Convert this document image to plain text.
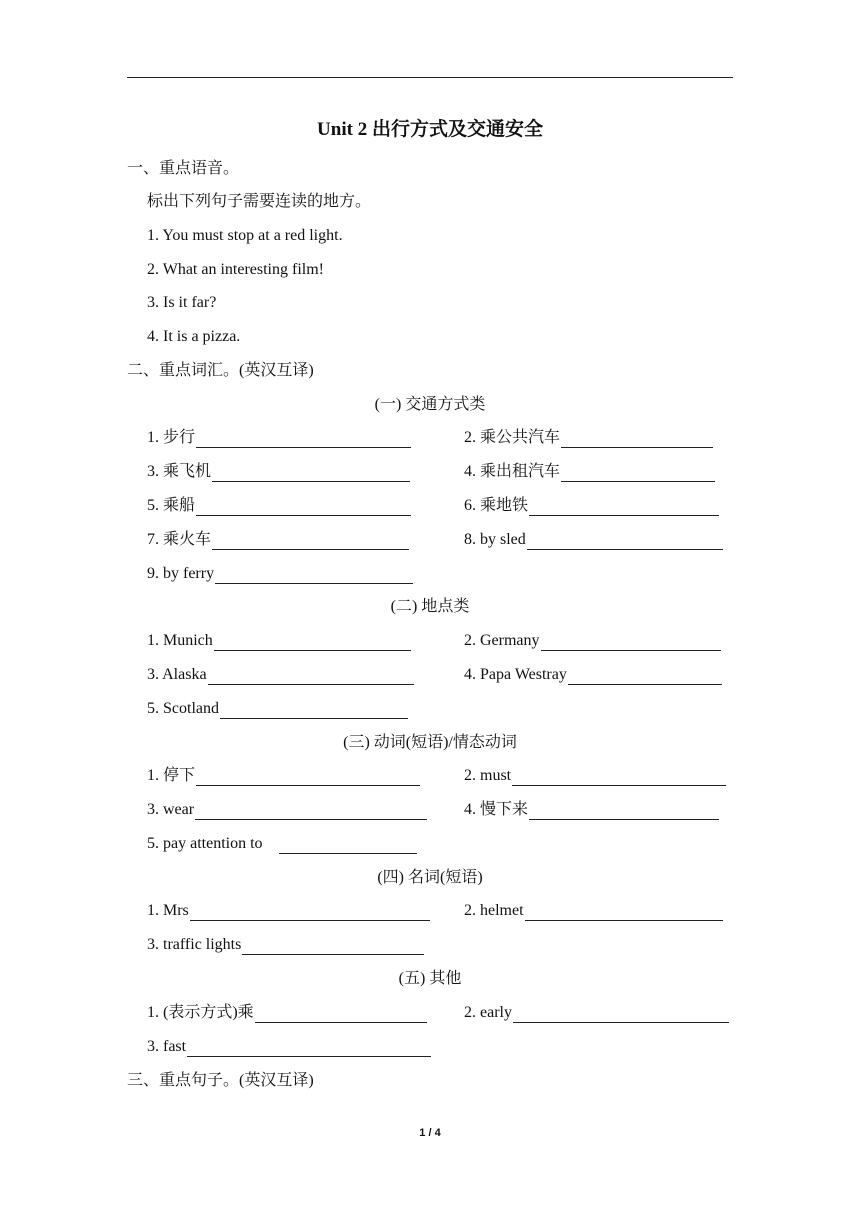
Unit 2 出行方式及交通安全
一、重点语音。
标出下列句子需要连读的地方。
1. You must stop at a red light.
2. What an interesting film!
3. Is it far?
4. It is a pizza.
二、重点词汇。(英汉互译)
(一) 交通方式类
1. 步行	2. 乘公共汽车
3. 乘飞机	4. 乘出租汽车
5. 乘船	6. 乘地铁
7. 乘火车	8. by sled
9. by ferry
(二) 地点类
1. Munich	2. Germany
3. Alaska	4. Papa Westray
5. Scotland
(三) 动词(短语)/情态动词
1. 停下	2. must
3. wear	4. 慢下来
5. pay attention to
(四) 名词(短语)
1. Mrs	2. helmet
3. traffic lights
(五) 其他
1. (表示方式)乘	2. early
3. fast
三、重点句子。(英汉互译)
1 / 4
